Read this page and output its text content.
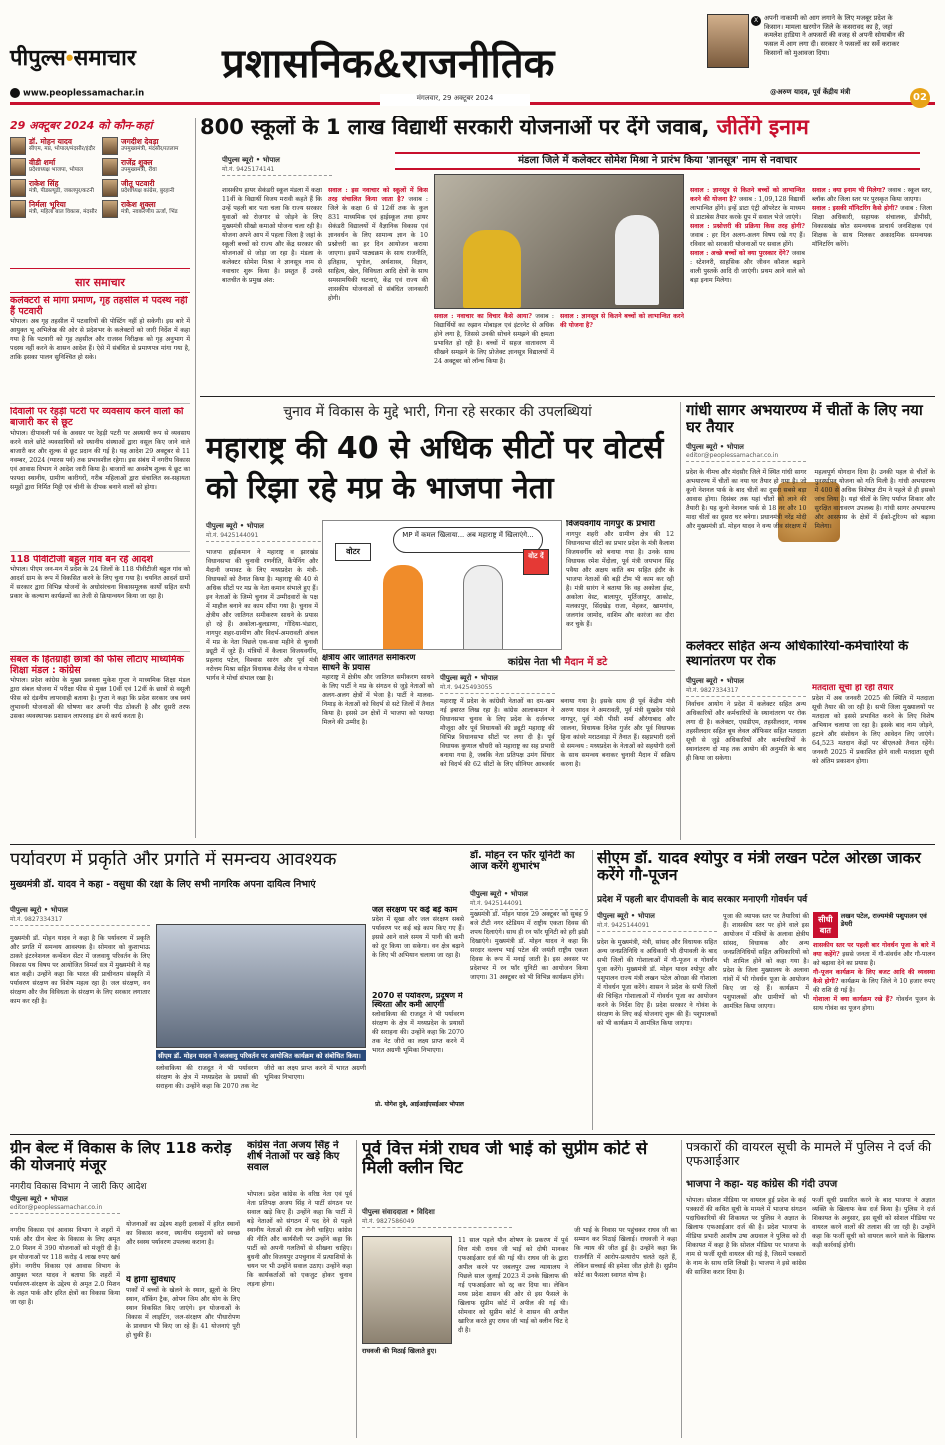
पीपुल्स•समाचार	प्रशासनिक&राजनीतिक
www.peoplessamachar.in	मंगलवार, 29 अक्टूबर 2024
X अपनी नाकामी को आग लगाने के लिए मजबूर प्रदेश के किसान। मामला खरगोन जिले के कसरावद का है, जहां कमलेश हाडिया ने अफसरों की वजह से अपनी सोयाबीन की फसल में आग लगा दी। सरकार ने फसलों का सर्वे कराकर किसानों को मुआवजा दिया।
@अरुण यादव, पूर्व केंद्रीय मंत्री	02
29 अक्टूबर 2024 को कौन-कहां
डॉ. मोहन यादव
सीएम, मप्र, भोपाल/मंदसौर/इंदौर
जगदीश देवड़ा
उपमुख्यमंत्री, मंदसौर/रतलाम
वीडी शर्मा
प्रदेशाध्यक्ष भाजपा, भोपाल
राजेंद्र शुक्ल
उपमुख्यमंत्री, रीवा
राकेश सिंह
मंत्री, पीडब्ल्यूडी, जबलपुर/कटनी
जीतू पटवारी
प्रदेशाध्यक्ष कांग्रेस, बुरहानी
निर्मला भूरिया
मंत्री, महिला बाल विकास, मंदसौर
राकेश शुक्ला
मंत्री, नवकरणीय ऊर्जा, भिंड
सार समाचार
कलेक्टरों से मांगा प्रमाण, गृह तहसील में पदस्थ नहीं हैं पटवारी
भोपाल। अब गृह तहसील में पटवारियों की पोस्टिंग नहीं हो सकेगी। इस बारे में आयुक्त भू अभिलेख की ओर से प्रदेशभर के कलेक्टरों को जारी निर्देश में कहा गया है कि पटवारी को गृह तहसील और राजस्व निरीक्षक को गृह अनुभाग में पदस्थ नहीं करने के शासन आदेश हैं। ऐसे में संबंधित से प्रमाणपत्र मांगा गया है, ताकि इसका पालन सुनिश्चित हो सके।
दिवाली पर रेहड़ी पटरी पर व्यवसाय करने वालों को बाजारी कर से छूट
भोपाल। दीपावली पर्व के अवसर पर रेहड़ी पटरी पर अस्थायी रूप से व्यवसाय करने वाले छोटे व्यवसायियों को स्थानीय संस्थाओं द्वारा वसूल किए जाने वाले बाजारी कर और शुल्क से छूट प्रदान की गई है। यह आदेश 29 अक्टूबर से 11 नवम्बर, 2024 (ग्यारस पर्व) तक प्रभावशील रहेगा। इस संबंध में नगरीय विकास एवं आवास विभाग ने आदेश जारी किया है। बाजारों का अवशेष शुल्क ये छूट का फायदा स्थानीय, ग्रामीण कारीगरों, गरीब महिलाओं द्वारा संचालित स्व-सहायता समूहों द्वारा निर्मित मिट्टी एवं चीनी के दीपक बनाने वालों को होगा।
118 पीवीटीजी बहुल गांव बन रहे आदर्श
भोपाल। पीएम जन-मन में प्रदेश के 24 जिलों के 118 पीवीटीजी बहुल गांव को आदर्श ग्राम के रूप में विकसित करने के लिए चुना गया है। चयनित आदर्श ग्रामों में सरकार द्वारा विभिन्न योजनों के अधोसंरचना विकासमूलक कार्यों सहित सभी प्रकार के कल्याण कार्यक्रमों का तेजी से क्रियान्वयन किया जा रहा है।
संबल के हितग्राही छात्रों की फीस लौटाए माध्यमिक शिक्षा मंडल : कांग्रेस
भोपाल। प्रदेश कांग्रेस के मुख्य प्रवक्ता मुकेश गुप्ता ने माध्यमिक शिक्षा मंडल द्वारा संबल योजना में परीक्षा फीस से मुक्त 10वीं एवं 12वीं के छात्रों से वसूली फीस को दंडनीय लापरवाही बताया है। गुप्ता ने कहा कि प्रदेश सरकार जब स्वयं लुभावनी योजनाओं की घोषणा कर अपनी पीठ ठोकती है और दूसरी तरफ उसका व्यवस्थापक प्रशासन लापरवाह ढंग से कार्य करता है।
800 स्कूलों के 1 लाख विद्यार्थी सरकारी योजनाओं पर देंगे जवाब, जीतेंगे इनाम
पीपुल्स ब्यूरो • भोपाल
मो.नं. 9425174141
मंडला जिले में कलेक्टर सोमेश मिश्रा ने प्रारंभ किया 'ज्ञानसूत्र' नाम से नवाचार
शासकीय हायर सेकंडरी स्कूल मंडला में कक्षा 11वीं के विद्यार्थी विजय मरावी कहते हैं कि उन्हें पहली बार पता चला कि राज्य सरकार युवाओं को रोजगार से जोड़ने के लिए मुख्यमंत्री सीखो कमाओ योजना चला रही है। योजना अपने आप में पहला जिला है जहां के स्कूली बच्चों को राज्य और केंद्र सरकार की योजनाओं से जोड़ा जा रहा है। मंडला के कलेक्टर सोमेश मिश्रा ने ज्ञानसूत्र नाम से नवाचार शुरू किया है। प्रस्तुत हैं उनसे बातचीत के प्रमुख अंश:
सवाल : इस नवाचार को स्कूलों में किस तरह संचालित किया जाता है? जवाब : जिले के कक्षा 6 से 12वीं तक के कुल 831 माध्यमिक एवं हाईस्कूल तथा हायर सेकंडरी विद्यालयों में वैज्ञानिक विकास एवं ज्ञानवर्धन के लिए सामान्य ज्ञान के 10 प्रश्नोत्तरी का हर दिन आयोजन कराया जाएगा। इसमें पाठ्यक्रम के साथ राजनीति, इतिहास, भूगोल, अर्थशास्त्र, विज्ञान, साहित्य, खेल, विविधता आदि क्षेत्रों के साथ समसामयिकी घटनाएं, केंद्र एवं राज्य की शासकीय योजनाओं से संबंधित जानकारी होगी।
सवाल : नवाचार का विचार कैसे आया? जवाब : विद्यार्थियों का रुझान मोबाइल एवं इंटरनेट से अधिक होने लगा है, जिससे उनकी सोचने समझने की क्षमता प्रभावित हो रही है। बच्चों में सहज वातावरण में सीखने समझने के लिए प्रोजेक्ट ज्ञानसूत्र विद्यालयों में 24 अक्टूबर को लॉन्च किया है।
सवाल : ज्ञानसूत्र से कितने बच्चों को लाभान्वित करने की योजना है?
सवाल : ज्ञानसूत्र से कितने बच्चों को लाभान्वित करने की योजना है? जवाब : 1,09,128 विद्यार्थी लाभान्वित होंगे। इन्हें डाटा एंट्री ऑपरेटर के माध्यम से डाटाबेस तैयार करके ग्रुप में सवाल भेजे जाएंगे।
सवाल : प्रश्नोत्तरी की प्रक्रिया किस तरह होगी? जवाब : हर दिन अलग-अलग विषय रखे गए हैं। रविवार को सरकारी योजनाओं पर सवाल होंगे।
सवाल : अच्छे बच्चों को क्या पुरस्कार देंगे? जवाब : स्टेशनरी, साहसिक और जीवन कौशल बढ़ाने वाली पुस्तकें आदि दी जाएंगी। प्रथम आने वाले को बड़ा इनाम मिलेगा।
सवाल : क्या इनाम भी मिलेगा? जवाब : स्कूल स्तर, ब्लॉक और जिला स्तर पर पुरस्कृत किया जाएगा।
सवाल : इसकी मॉनिटरिंग कैसे होगी? जवाब : जिला शिक्षा अधिकारी, सहायक संचालक, डीपीसी, विकासखंड स्रोत समन्वयक प्राचार्य जनशिक्षक एवं शिक्षक के साथ मिलकर अकादमिक समन्वयक मॉनिटरिंग करेंगे।
चुनाव में विकास के मुद्दे भारी, गिना रहे सरकार की उपलब्धियां
महाराष्ट्र की 40 से अधिक सीटों पर वोटर्स को रिझा रहे मप्र के भाजपा नेता
पीपुल्स ब्यूरो • भोपाल
मो.नं. 9425144091
भाजपा हाईकमान ने महाराष्ट्र व झारखंड विधानसभा की चुनावी रणनीति, कैंपेनिंग और मैदानी जमावट के लिए मध्यप्रदेश के मंत्री-विधायकों को तैनात किया है। महाराष्ट्र की 40 से अधिक सीटों पर मप्र के नेता कमान संभाले हुए हैं। इन नेताओं के जिम्मे चुनाव में उम्मीदवारों के पक्ष में माहौल बनाने का काम सौंपा गया है। चुनाव में क्षेत्रीय और जातिगत समीकरण साधने के प्रयास हो रहे हैं। अकोला-बुलडाणा, गोंदिया-भंडारा, नागपुर शहर-ग्रामीण और विदर्भ-अमरावती अंचल में मप्र के नेता पिछले एक-सवा महीने से चुनावी ड्यूटी में जुटे हैं। मंत्रियों में कैलाश विजयवर्गीय, प्रहलाद पटेल, विश्वास सारंग और पूर्व मंत्री नरोत्तम मिश्रा सहित विधायक शैलेंद्र जैन व गोपाल भार्गव ने मोर्चा संभाल रखा है।
MP में कमल खिलाया... अब महाराष्ट्र में खिलाएंगे...
वोटर	वोट दें
क्षेत्रीय और जातिगत समीकरण साधने के प्रयास
महाराष्ट्र में क्षेत्रीय और जातिगत समीकरण साधने के लिए पार्टी ने मप्र के संगठन से जुड़े नेताओं को अलग-अलग क्षेत्रों में भेजा है। पार्टी ने मालवा-निमाड़ के नेताओं को विदर्भ से सटे जिलों में तैनात किया है। इससे उन क्षेत्रों में भाजपा को फायदा मिलने की उम्मीद है।
विजयवर्गीय नागपुर के प्रभारी
नागपुर शहरी और ग्रामीण क्षेत्र की 12 विधानसभा सीटों का प्रभार प्रदेश के मंत्री कैलाश विजयवर्गीय को बनाया गया है। उनके साथ विधायक रमेश मेंदोला, पूर्व मंत्री जयभान सिंह पवैया और अक्षय कांति बम सहित इंदौर के भाजपा नेताओं की बड़ी टीम भी काम कर रही है। मंत्री सारंग ने बताया कि वह अकोला ईस्ट, अकोला वेस्ट, बालापुर, मूर्तिजापुर, आकोट, मलकापुर, सिंदखेड़ राजा, मेहकर, खामगांव, जलगांव जामोद, वाशिम और कारंजा का दौरा कर चुके हैं।
कांग्रेस नेता भी मैदान में डटे
पीपुल्स ब्यूरो • भोपाल
मो.नं. 9425493055
महाराष्ट्र में प्रदेश के कांग्रेसी नेताओं का दम-खम नई इबारत लिख रहा है। कांग्रेस आलाकमान ने विधानसभा चुनाव के लिए प्रदेश के दर्जनभर मौजूदा और पूर्व विधायकों की ड्यूटी महाराष्ट्र की विभिन्न विधानसभा सीटों पर लगा दी है। पूर्व विधायक कुणाल चौधरी को महाराष्ट्र का सह प्रभारी बनाया गया है, जबकि नेता प्रतिपक्ष उमंग सिंघार को विदर्भ की 62 सीटों के लिए सीनियर आब्जर्वर बनाया गया है। इसके साथ ही पूर्व केंद्रीय मंत्री अरुण यादव ने अमरावती, पूर्व मंत्री सुखदेव पांसे नागपुर, पूर्व मंत्री पीसी शर्मा औरंगाबाद और जालना, विधायक दिनेश गुर्जर और पूर्व विधायक हिना कांवरे मराठवाड़ा में तैनात हैं। सहप्रभारी दलों से समन्वय : मध्यप्रदेश के नेताओं को सहयोगी दलों के साथ समन्वय बनाकर चुनावी मैदान में सक्रिय करना है।
गांधी सागर अभयारण्य में चीतों के लिए नया घर तैयार
पीपुल्स ब्यूरो • भोपाल
editor@peoplessamachar.co.in
प्रदेश के नीमच और मंदसौर जिले में स्थित गांधी सागर अभयारण्य में चीतों का नया घर तैयार हो गया है। जो कूनो नेशनल पार्क के बाद चीतों का दूसरा सबसे बड़ा आवास होगा। दिसंबर तक यहां चीतों को लाने की तैयारी है। यह कूनो नेशनल पार्क से 18 नर और 10 मादा चीतों का दूसरा घर बनेगा। प्रधानमंत्री नरेंद्र मोदी और मुख्यमंत्री डॉ. मोहन यादव ने वन्य जीव संरक्षण में महत्वपूर्ण योगदान दिया है। उनकी पहल से चीतों के पुनर्स्थापन योजना को गति मिली है। गांधी अभयारण्य में 400 से अधिक विशेषज्ञ टीम ने पहले से ही इसको जांच लिया है। यहां चीतों के लिए पर्याप्त शिकार और सुरक्षित वातावरण उपलब्ध है। गांधी सागर अभयारण्य और आसपास के क्षेत्रों में ईको-टूरिज्म को बढ़ावा मिलेगा।
कलेक्टर सहित अन्य अधिकारियों-कर्मचारियों के स्थानांतरण पर रोक
पीपुल्स ब्यूरो • भोपाल
मो.नं. 9827334317
निर्वाचन आयोग ने प्रदेश में कलेक्टर सहित अन्य अधिकारियों और कर्मचारियों के स्थानांतरण पर रोक लगा दी है। कलेक्टर, एसडीएम, तहसीलदार, नायब तहसीलदार सहित बूथ लेवल ऑफिसर सहित मतदाता सूची से जुड़े अधिकारियों और कर्मचारियों के स्थानांतरण दो माह तक आयोग की अनुमति के बाद ही किया जा सकेगा।
मतदाता सूची हो रही तैयार
प्रदेश में अब जनवरी 2025 की स्थिति में मतदाता सूची तैयार की जा रही है। सभी जिला मुख्यालयों पर मतदाता को इससे प्रभावित करने के लिए विशेष अभियान चलाया जा रहा है। इसके बाद नाम जोड़ने, हटाने और संशोधन के लिए आवेदन लिए जाएंगे। 64,523 मतदान केंद्रों पर बीएलओ तैनात रहेंगे। जनवरी 2025 में प्रकाशित होने वाली मतदाता सूची को अंतिम प्रकाशन होगा।
पर्यावरण में प्रकृति और प्रगति में समन्वय आवश्यक
मुख्यमंत्री डॉ. यादव ने कहा - वसुधा की रक्षा के लिए सभी नागरिक अपना दायित्व निभाएं
पीपुल्स ब्यूरो • भोपाल
मो.नं. 9827334317
मुख्यमंत्री डॉ. मोहन यादव ने कहा है कि पर्यावरण में प्रकृति और प्रगति में समन्वय आवश्यक है। सोमवार को कुशाभाऊ ठाकरे इंटरनेशनल कन्वेंशन सेंटर में जलवायु परिवर्तन के लिए विकास पथ विषय पर आयोजित विमर्श सत्र में मुख्यमंत्री ने यह बात कही। उन्होंने कहा कि भारत की प्राचीनतम संस्कृति में पर्यावरण संरक्षण का विशेष महत्व रहा है। जल संरक्षण, वन संरक्षण और जैव विविधता के संरक्षण के लिए सरकार लगातार काम कर रही है।
सीएम डॉ. मोहन यादव ने जलवायु परिवर्तन पर आयोजित कार्यक्रम को संबोधित किया।
स्लोवाकिया की राजदूत ने भी पर्यावरण संरक्षण के क्षेत्र में मध्यप्रदेश के प्रयासों की सराहना की। उन्होंने कहा कि 2070 तक नेट जीरो का लक्ष्य प्राप्त करने में भारत अग्रणी भूमिका निभाएगा।
जल संरक्षण पर कई बड़े काम
प्रदेश में सूखा और जल संरक्षण सबसे पर्यावरण पर कई बड़े काम किए गए हैं। इससे आने वाले समय में पानी की कमी को दूर किया जा सकेगा। वन क्षेत्र बढ़ाने के लिए भी अभियान चलाया जा रहा है।
2070 से पर्यावरण, प्रदूषण में स्थिरता और कमी आएगी
स्लोवाकिया की राजदूत ने भी पर्यावरण संरक्षण के क्षेत्र में मध्यप्रदेश के प्रयासों की सराहना की। उन्होंने कहा कि 2070 तक नेट जीरो का लक्ष्य प्राप्त करने में भारत अग्रणी भूमिका निभाएगा।
प्रो. योगेश दुबे, आईआईएसईआर भोपाल
डॉ. मोहन रन फॉर यूनिटी का आज करेंगे शुभारंभ
पीपुल्स ब्यूरो • भोपाल
मो.नं. 9425144091
मुख्यमंत्री डॉ. मोहन यादव 29 अक्टूबर को सुबह 9 बजे टीटी नगर स्टेडियम में राष्ट्रीय एकता दिवस की शपथ दिलाएंगे। साथ ही रन फॉर यूनिटी को हरी झंडी दिखाएंगे। मुख्यमंत्री डॉ. मोहन यादव ने कहा कि सरदार वल्लभ भाई पटेल की जयंती राष्ट्रीय एकता दिवस के रूप में मनाई जाती है। इस अवसर पर प्रदेशभर में रन फॉर यूनिटी का आयोजन किया जाएगा। 31 अक्टूबर को भी विभिन्न कार्यक्रम होंगे।
सीएम डॉ. यादव श्योपुर व मंत्री लखन पटेल ओरछा जाकर करेंगे गौ-पूजन
प्रदेश में पहली बार दीपावली के बाद सरकार मनाएगी गोवर्धन पर्व
पीपुल्स ब्यूरो • भोपाल
मो.नं. 9425144091
प्रदेश के मुख्यमंत्री, मंत्री, सांसद और विधायक सहित अन्य जनप्रतिनिधि व अधिकारी भी दीपावली के बाद सभी जिलों की गोशालाओं में गौ-पूजन व गोवर्धन पूजा करेंगे। मुख्यमंत्री डॉ. मोहन यादव श्योपुर और पशुपालन राज्य मंत्री लखन पटेल ओरछा की गोशाला में गोवर्धन पूजा करेंगे। शासन ने प्रदेश के सभी जिलों की चिन्हित गोशालाओं में गोवर्धन पूजा का आयोजन करने के निर्देश दिए हैं। प्रदेश सरकार ने गोवंश के संरक्षण के लिए कई योजनाएं शुरू की हैं। पशुपालकों को भी कार्यक्रम में आमंत्रित किया जाएगा।
पूजा की व्यापक स्तर पर तैयारियां की हैं। शासकीय स्तर पर होने वाले इस आयोजन में मंत्रियों के अलावा क्षेत्रीय सांसद, विधायक और अन्य जनप्रतिनिधियों सहित अधिकारियों को भी शामिल होने को कहा गया है। प्रदेश के जिला मुख्यालय के अलावा गांवों में भी गोवर्धन पूजा के आयोजन किए जा रहे हैं। कार्यक्रम में पशुपालकों और ग्रामीणों को भी आमंत्रित किया जाएगा।
सीधी बात
लखन पटेल, राज्यमंत्री पशुपालन एवं डेयरी
शासकीय स्तर पर पहली बार गोवर्धन पूजा के बारे में क्या कहेंगे? इससे जनता में गौ-संवर्धन और गौ-पालन को बढ़ावा देने का प्रयास है।
गौ-पूजन कार्यक्रम के लिए बजट आदि की व्यवस्था कैसे होगी? कार्यक्रम के लिए जिले ने 10 हजार रुपए की राशि दी गई है।
गोशाला में क्या कार्यक्रम रखे हैं? गोवर्धन पूजन के साथ गोवंश का पूजन होगा।
ग्रीन बेल्ट में विकास के लिए 118 करोड़ की योजनाएं मंजूर
नगरीय विकास विभाग ने जारी किए आदेश
पीपुल्स ब्यूरो • भोपाल
editor@peoplessamachar.co.in
नगरीय विकास एवं आवास विभाग ने शहरों में पार्क और ग्रीन बेल्ट के विकास के लिए अमृत 2.0 मिशन में 390 योजनाओं को मंजूरी दी है। इन योजनाओं पर 118 करोड़ 4 लाख रुपए खर्च होंगे। नगरीय विकास एवं आवास विभाग के आयुक्त भरत यादव ने बताया कि शहरों में पर्यावरण-संरक्षण के उद्देश्य से अमृत 2.0 मिशन के तहत पार्क और हरित क्षेत्रों का विकास किया जा रहा है।
योजनाओं का उद्देश्य शहरी इलाकों में हरित स्थानों का विकास करना, स्थानीय समुदायों को स्वच्छ और स्वस्थ पर्यावरण उपलब्ध कराना है।
ये होंगी सुविधाएं
पार्कों में बच्चों के खेलने के स्थान, झूलों के लिए स्थान, वॉकिंग ट्रैक, ओपन जिम और योग के लिए स्थान विकसित किए जाएंगे। इन योजनाओं के विकास में लाइटिंग, जल-संरक्षण और पौधारोपण के प्रावधान भी किए जा रहे हैं। 41 योजनाएं पूरी हो चुकी हैं।
कांग्रेस नेता अजय सिंह ने शीर्ष नेताओं पर खड़े किए सवाल
भोपाल। प्रदेश कांग्रेस के वरिष्ठ नेता एवं पूर्व नेता प्रतिपक्ष अजय सिंह ने पार्टी संगठन पर सवाल खड़े किए हैं। उन्होंने कहा कि पार्टी में बड़े नेताओं को संगठन में पद देने से पहले स्थानीय नेताओं की राय लेनी चाहिए। कांग्रेस की नीति और कार्यशैली पर उन्होंने कहा कि पार्टी को अपनी गलतियों से सीखना चाहिए। बुधनी और विजयपुर उपचुनाव में प्रत्याशियों के चयन पर भी उन्होंने सवाल उठाए। उन्होंने कहा कि कार्यकर्ताओं को एकजुट होकर चुनाव लड़ना होगा।
पूर्व वित्त मंत्री राघव जी भाई को सुप्रीम कोर्ट से मिली क्लीन चिट
पीपुल्स संवाददाता • विदिशा
मो.नं. 9827586049
राघवजी की मिठाई खिलाते हुए।
11 साल पहले यौन शोषण के प्रकरण में पूर्व वित्त मंत्री राघव जी भाई को दोषी मानकर एफआईआर दर्ज की गई थी। राघव जी के द्वारा अपील करने पर जबलपुर उच्च न्यायालय ने पिछले साल जुलाई 2023 में उनके खिलाफ की गई एफआईआर को रद्द कर दिया था। लेकिन मध्य प्रदेश शासन की ओर से इस फैसले के खिलाफ सुप्रीम कोर्ट में अपील की गई थी। सोमवार को सुप्रीम कोर्ट ने शासन की अपील खारिज करते हुए राघव जी भाई को क्लीन चिट दे दी है।
जी भाई के निवास पर पहुंचकर राघव जी का सम्मान कर मिठाई खिलाई। राघवजी ने कहा कि न्याय की जीत हुई है। उन्होंने कहा कि राजनीति में आरोप-प्रत्यारोप चलते रहते हैं, लेकिन सच्चाई की हमेशा जीत होती है। सुप्रीम कोर्ट का फैसला स्वागत योग्य है।
पत्रकारों की वायरल सूची के मामले में पुलिस ने दर्ज की एफआईआर
भाजपा ने कहा- यह कांग्रेस की गंदी उपज
भोपाल। सोशल मीडिया पर वायरल हुई प्रदेश के कई पत्रकारों की कथित सूची के मामले में भाजपा संगठन पदाधिकारियों की शिकायत पर पुलिस ने अज्ञात के खिलाफ एफआईआर दर्ज की है। प्रदेश भाजपा के मीडिया प्रभारी आशीष उषा अग्रवाल ने पुलिस को दी शिकायत में कहा है कि सोशल मीडिया पर भाजपा के नाम से फर्जी सूची वायरल की गई है, जिसमें पत्रकारों के नाम के साथ राशि लिखी है। भाजपा ने इसे कांग्रेस की साजिश करार दिया है।
फर्जी सूची प्रसारित करने के बाद भाजपा ने अज्ञात व्यक्ति के खिलाफ केस दर्ज किया है। पुलिस ने दर्ज शिकायत के अनुसार, इस सूची को सोशल मीडिया पर वायरल करने वालों की तलाश की जा रही है। उन्होंने कहा कि फर्जी सूची को वायरल करने वाले के खिलाफ कड़ी कार्रवाई होगी।
